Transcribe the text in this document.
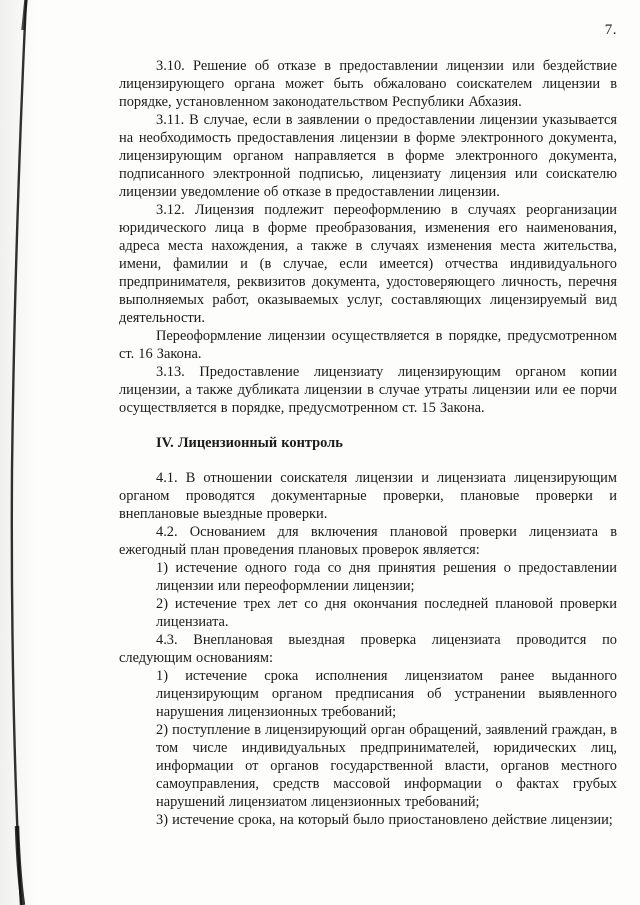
7.

3.10. Решение об отказе в предоставлении лицензии или бездействие лицензирующего органа может быть обжаловано соискателем лицензии в порядке, установленном законодательством Республики Абхазия.

3.11. В случае, если в заявлении о предоставлении лицензии указывается на необходимость предоставления лицензии в форме электронного документа, лицензирующим органом направляется в форме электронного документа, подписанного электронной подписью, лицензиату лицензия или соискателю лицензии уведомление об отказе в предоставлении лицензии.

3.12. Лицензия подлежит переоформлению в случаях реорганизации юридического лица в форме преобразования, изменения его наименования, адреса места нахождения, а также в случаях изменения места жительства, имени, фамилии и (в случае, если имеется) отчества индивидуального предпринимателя, реквизитов документа, удостоверяющего личность, перечня выполняемых работ, оказываемых услуг, составляющих лицензируемый вид деятельности.

Переоформление лицензии осуществляется в порядке, предусмотренном ст. 16 Закона.

3.13. Предоставление лицензиату лицензирующим органом копии лицензии, а также дубликата лицензии в случае утраты лицензии или ее порчи осуществляется в порядке, предусмотренном ст. 15 Закона.

IV. Лицензионный контроль

4.1. В отношении соискателя лицензии и лицензиата лицензирующим органом проводятся документарные проверки, плановые проверки и внеплановые выездные проверки.

4.2. Основанием для включения плановой проверки лицензиата в ежегодный план проведения плановых проверок является:

1) истечение одного года со дня принятия решения о предоставлении лицензии или переоформлении лицензии;

2) истечение трех лет со дня окончания последней плановой проверки лицензиата.

4.3. Внеплановая выездная проверка лицензиата проводится по следующим основаниям:

1) истечение срока исполнения лицензиатом ранее выданного лицензирующим органом предписания об устранении выявленного нарушения лицензионных требований;

2) поступление в лицензирующий орган обращений, заявлений граждан, в том числе индивидуальных предпринимателей, юридических лиц, информации от органов государственной власти, органов местного самоуправления, средств массовой информации о фактах грубых нарушений лицензиатом лицензионных требований;

3) истечение срока, на который было приостановлено действие лицензии;
